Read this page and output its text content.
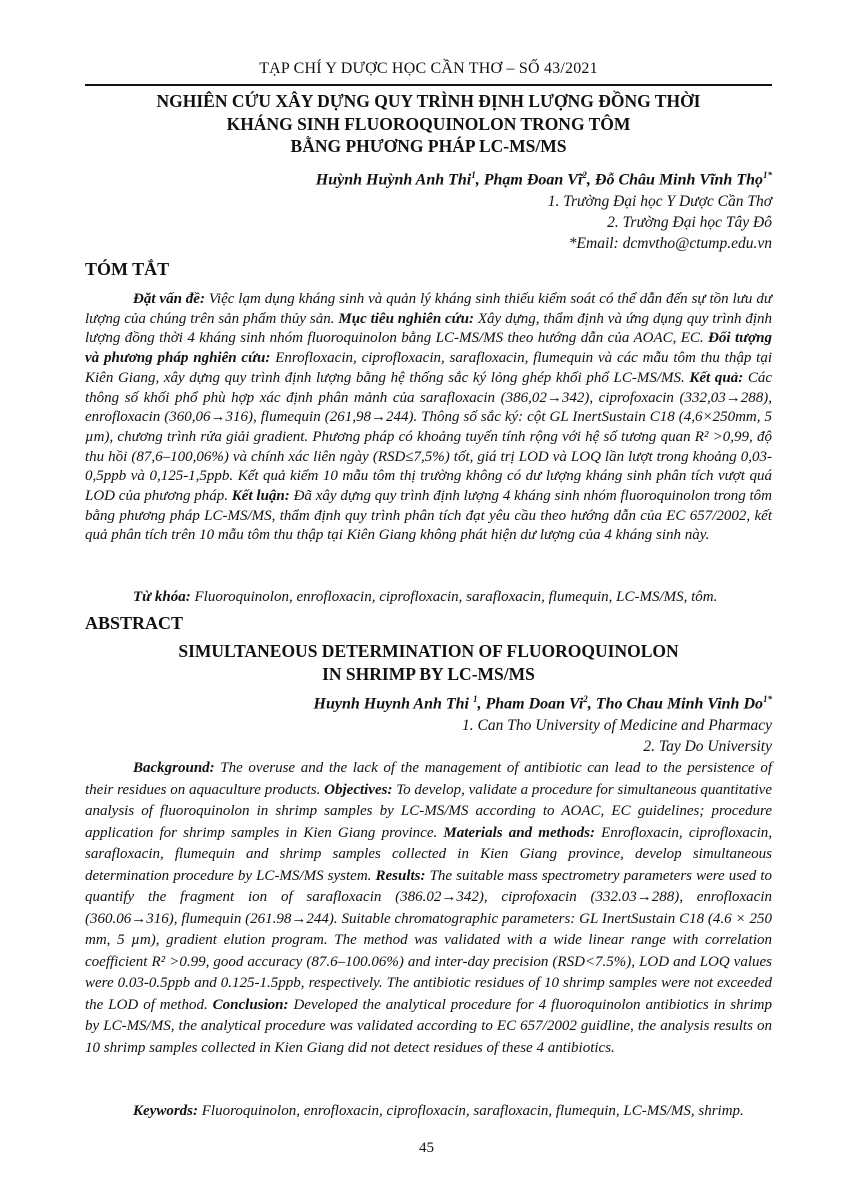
TẠP CHÍ Y DƯỢC HỌC CẦN THƠ – SỐ 43/2021
NGHIÊN CỨU XÂY DỰNG QUY TRÌNH ĐỊNH LƯỢNG ĐỒNG THỜI
KHÁNG SINH FLUOROQUINOLON TRONG TÔM
BẰNG PHƯƠNG PHÁP LC-MS/MS
Huỳnh Huỳnh Anh Thi$^1$, Phạm Đoan $Vĩ^2$, Đỗ Châu Minh Vĩnh Thọ$^{1*}$
1. Trường Đại học Y Dược Cần Thơ
2. Trường Đại học Tây Đô
*Email: dcmvtho@ctump.edu.vn
TÓM TẮT
Đặt vấn đề: Việc lạm dụng kháng sinh và quản lý kháng sinh thiếu kiểm soát có thể dẫn đến sự tồn lưu dư lượng của chúng trên sản phẩm thủy sản. Mục tiêu nghiên cứu: Xây dựng, thẩm định và ứng dụng quy trình định lượng đồng thời 4 kháng sinh nhóm fluoroquinolon bằng LC-MS/MS theo hướng dẫn của AOAC, EC. Đối tượng và phương pháp nghiên cứu: Enrofloxacin, ciprofloxacin, sarafloxacin, flumequin và các mẫu tôm thu thập tại Kiên Giang, xây dựng quy trình định lượng bằng hệ thống sắc ký lỏng ghép khối phổ LC-MS/MS. Kết quả: Các thông số khối phổ phù hợp xác định phân mảnh của sarafloxacin (386,02→342), ciprofoxacin (332,03→288), enrofloxacin (360,06→316), flumequin (261,98→244). Thông số sắc ký: cột GL InertSustain C18 (4,6×250mm, 5 µm), chương trình rửa giải gradient. Phương pháp có khoảng tuyến tính rộng với hệ số tương quan R² >0,99, độ thu hồi (87,6–100,06%) và chính xác liên ngày (RSD≤7,5%) tốt, giá trị LOD và LOQ lần lượt trong khoảng 0,03-0,5ppb và 0,125-1,5ppb. Kết quả kiểm 10 mẫu tôm thị trường không có dư lượng kháng sinh phân tích vượt quá LOD của phương pháp. Kết luận: Đã xây dựng quy trình định lượng 4 kháng sinh nhóm fluoroquinolon trong tôm bằng phương pháp LC-MS/MS, thẩm định quy trình phân tích đạt yêu cầu theo hướng dẫn của EC 657/2002, kết quả phân tích trên 10 mẫu tôm thu thập tại Kiên Giang không phát hiện dư lượng của 4 kháng sinh này.
Từ khóa: Fluoroquinolon, enrofloxacin, ciprofloxacin, sarafloxacin, flumequin, LC-MS/MS, tôm.
ABSTRACT
SIMULTANEOUS DETERMINATION OF FLUOROQUINOLON
IN SHRIMP BY LC-MS/MS
Huynh Huynh Anh Thi $^1$, Pham Doan Vi$^2$, Tho Chau Minh Vinh $Do^{1*}$
1. Can Tho University of Medicine and Pharmacy
2. Tay Do University
Background: The overuse and the lack of the management of antibiotic can lead to the persistence of their residues on aquaculture products. Objectives: To develop, validate a procedure for simultaneous quantitative analysis of fluoroquinolon in shrimp samples by LC-MS/MS according to AOAC, EC guidelines; procedure application for shrimp samples in Kien Giang province. Materials and methods: Enrofloxacin, ciprofloxacin, sarafloxacin, flumequin and shrimp samples collected in Kien Giang province, develop simultaneous determination procedure by LC-MS/MS system. Results: The suitable mass spectrometry parameters were used to quantify the fragment ion of sarafloxacin (386.02→342), ciprofoxacin (332.03→288), enrofloxacin (360.06→316), flumequin (261.98→244). Suitable chromatographic parameters: GL InertSustain C18 (4.6 × 250 mm, 5 µm), gradient elution program. The method was validated with a wide linear range with correlation coefficient R² >0.99, good accuracy (87.6–100.06%) and inter-day precision (RSD<7.5%), LOD and LOQ values were 0.03-0.5ppb and 0.125-1.5ppb, respectively. The antibiotic residues of 10 shrimp samples were not exceeded the LOD of method. Conclusion: Developed the analytical procedure for 4 fluoroquinolon antibiotics in shrimp by LC-MS/MS, the analytical procedure was validated according to EC 657/2002 guidline, the analysis results on 10 shrimp samples collected in Kien Giang did not detect residues of these 4 antibiotics.
Keywords: Fluoroquinolon, enrofloxacin, ciprofloxacin, sarafloxacin, flumequin, LC-MS/MS, shrimp.
45
